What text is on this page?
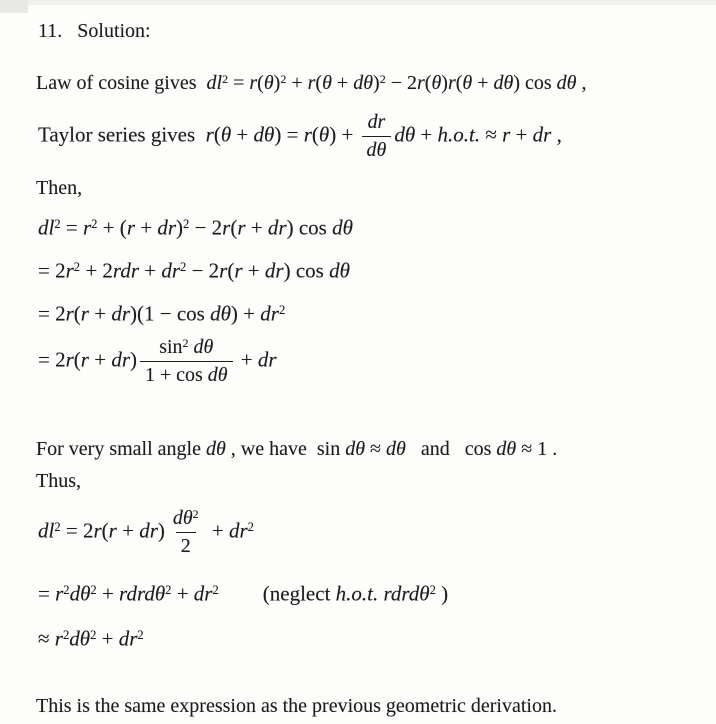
11.   Solution:
Law of cosine gives  $dl^2 = r(\theta)^2 + r(\theta + d\theta)^2 - 2r(\theta)r(\theta + d\theta)$ cos dθ ,
Taylor series gives  $r(\theta + d\theta) = r(\theta) + \frac{dr}{d\theta}$ dθ + h.o.t. ≈ r + dr ,
Then,
$dl^2 = r^2 + (r + dr)^2 - 2r(r + dr)$ cos dθ
= $2r^2 + 2rdr + dr^2 - 2r(r + dr)$ cos dθ
= $2r(r + dr)(1 - \cos d\theta) + dr^2$
= $2r(r + dr) \frac{\sin^2 d\theta}{\text{1 + cos dθ}}$ + dr
For very small angle dθ , we have  sin dθ ≈ dθ   and   cos dθ ≈ 1 .
Thus,
$dl^2 = 2r(r + dr) \frac{d\theta^2}{2} + dr^2$
= $r^2d\theta^2$ + rdrdθ$^2$ + $dr^2$ (neglect h.o.t. rdrdθ$^2$ )
≈ $r^2d\theta^2 + dr^2$
This is the same expression as the previous geometric derivation.
